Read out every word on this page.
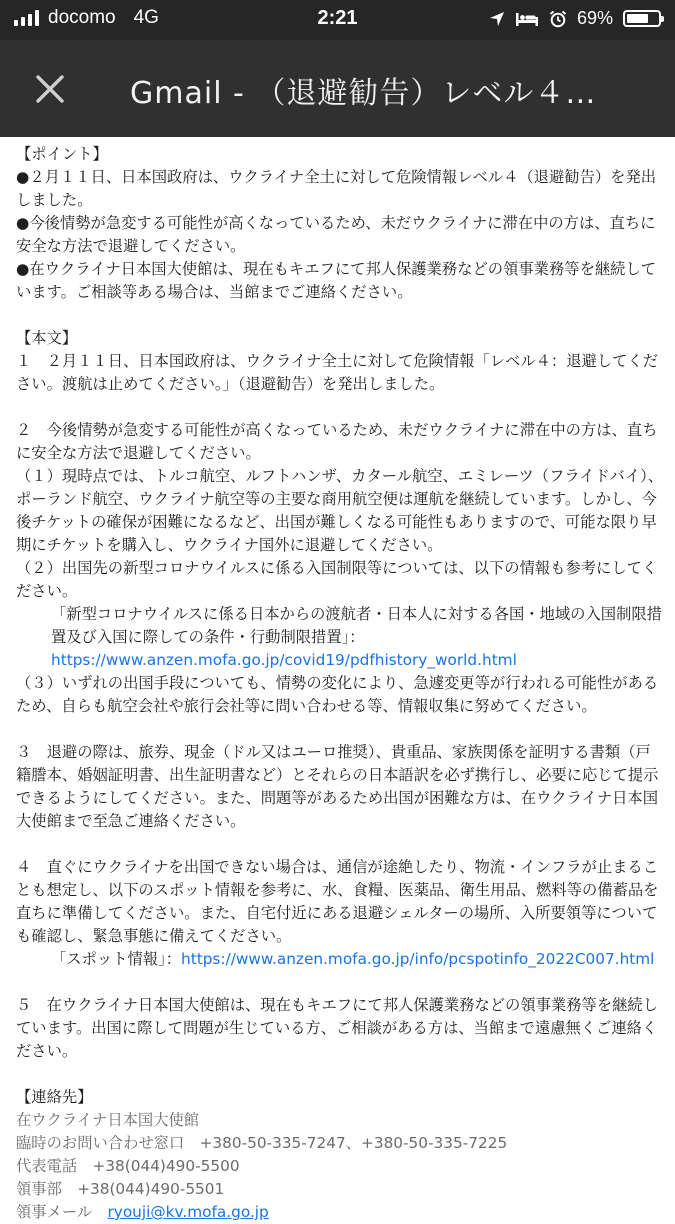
docomo 4G	2:21	69%
Gmail - （退避勧告）レベル４…

【ポイント】

●２月１１日、日本国政府は、ウクライナ全土に対して危険情報レベル４（退避勧告）を発出しました。

●今後情勢が急変する可能性が高くなっているため、未だウクライナに滞在中の方は、直ちに安全な方法で退避してください。

●在ウクライナ日本国大使館は、現在もキエフにて邦人保護業務などの領事業務等を継続しています。ご相談等ある場合は、当館までご連絡ください。

【本文】

１　２月１１日、日本国政府は、ウクライナ全土に対して危険情報「レベル４：退避してください。渡航は止めてください。」（退避勧告）を発出しました。

２　今後情勢が急変する可能性が高くなっているため、未だウクライナに滞在中の方は、直ちに安全な方法で退避してください。

（１）現時点では、トルコ航空、ルフトハンザ、カタール航空、エミレーツ（フライドバイ）、ポーランド航空、ウクライナ航空等の主要な商用航空便は運航を継続しています。しかし、今後チケットの確保が困難になるなど、出国が難しくなる可能性もありますので、可能な限り早期にチケットを購入し、ウクライナ国外に退避してください。

（２）出国先の新型コロナウイルスに係る入国制限等については、以下の情報も参考にしてください。

「新型コロナウイルスに係る日本からの渡航者・日本人に対する各国・地域の入国制限措置及び入国に際しての条件・行動制限措置」：https://www.anzen.mofa.go.jp/covid19/pdfhistory_world.html

（３）いずれの出国手段についても、情勢の変化により、急遽変更等が行われる可能性があるため、自らも航空会社や旅行会社等に問い合わせる等、情報収集に努めてください。

３　退避の際は、旅券、現金（ドル又はユーロ推奨）、貴重品、家族関係を証明する書類（戸籍謄本、婚姻証明書、出生証明書など）とそれらの日本語訳を必ず携行し、必要に応じて提示できるようにしてください。また、問題等があるため出国が困難な方は、在ウクライナ日本国大使館まで至急ご連絡ください。

４　直ぐにウクライナを出国できない場合は、通信が途絶したり、物流・インフラが止まることも想定し、以下のスポット情報を参考に、水、食糧、医薬品、衛生用品、燃料等の備蓄品を直ちに準備してください。また、自宅付近にある退避シェルターの場所、入所要領等についても確認し、緊急事態に備えてください。

「スポット情報」：https://www.anzen.mofa.go.jp/info/pcspotinfo_2022C007.html

５　在ウクライナ日本国大使館は、現在もキエフにて邦人保護業務などの領事業務等を継続しています。出国に際して問題が生じている方、ご相談がある方は、当館まで遠慮無くご連絡ください。

【連絡先】

在ウクライナ日本国大使館

臨時のお問い合わせ窓口　+380-50-335-7247、+380-50-335-7225

代表電話　+38(044)490-5500

領事部　+38(044)490-5501

領事メール　ryouji@kv.mofa.go.jp
